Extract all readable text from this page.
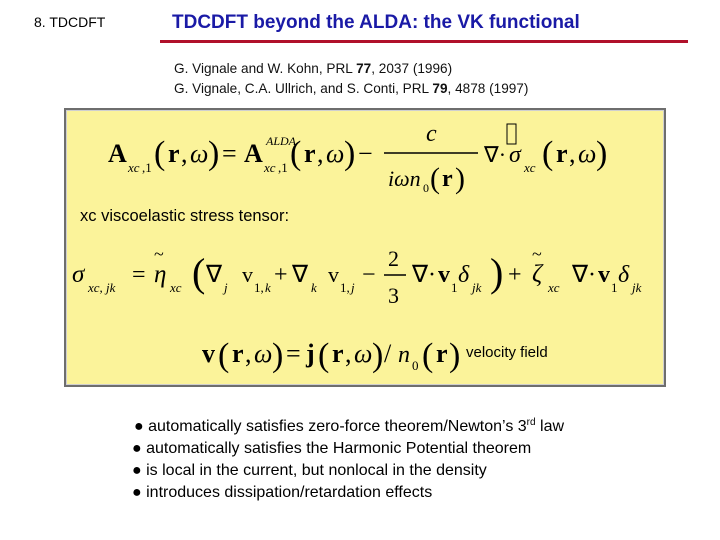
8. TDCDFT	TDCDFT beyond the ALDA: the VK functional
G. Vignale and W. Kohn, PRL 77, 2037 (1996)
G. Vignale, C.A. Ullrich, and S. Conti, PRL 79, 4878 (1997)
A xc ,1 ( r , ω ) = A ALDA
xc ,1 ( r , ω ) −
c
iωn 0 ( r )
∇· σ xc ( r , ω )
σ xc, jk = η
~
xc ( ∇ j
v
1, k + ∇ k
v
1, j −
2
3
∇· v 1 δ jk ) + ζ
~
xc ∇· v 1 δ jk
v ( r , ω ) = j ( r , ω ) / n 0 ( r )
xc viscoelastic stress tensor:
velocity field
● automatically satisfies zero-force theorem/Newton’s 3rd law
● automatically satisfies the Harmonic Potential theorem
● is local in the current, but nonlocal in the density
● introduces dissipation/retardation effects
